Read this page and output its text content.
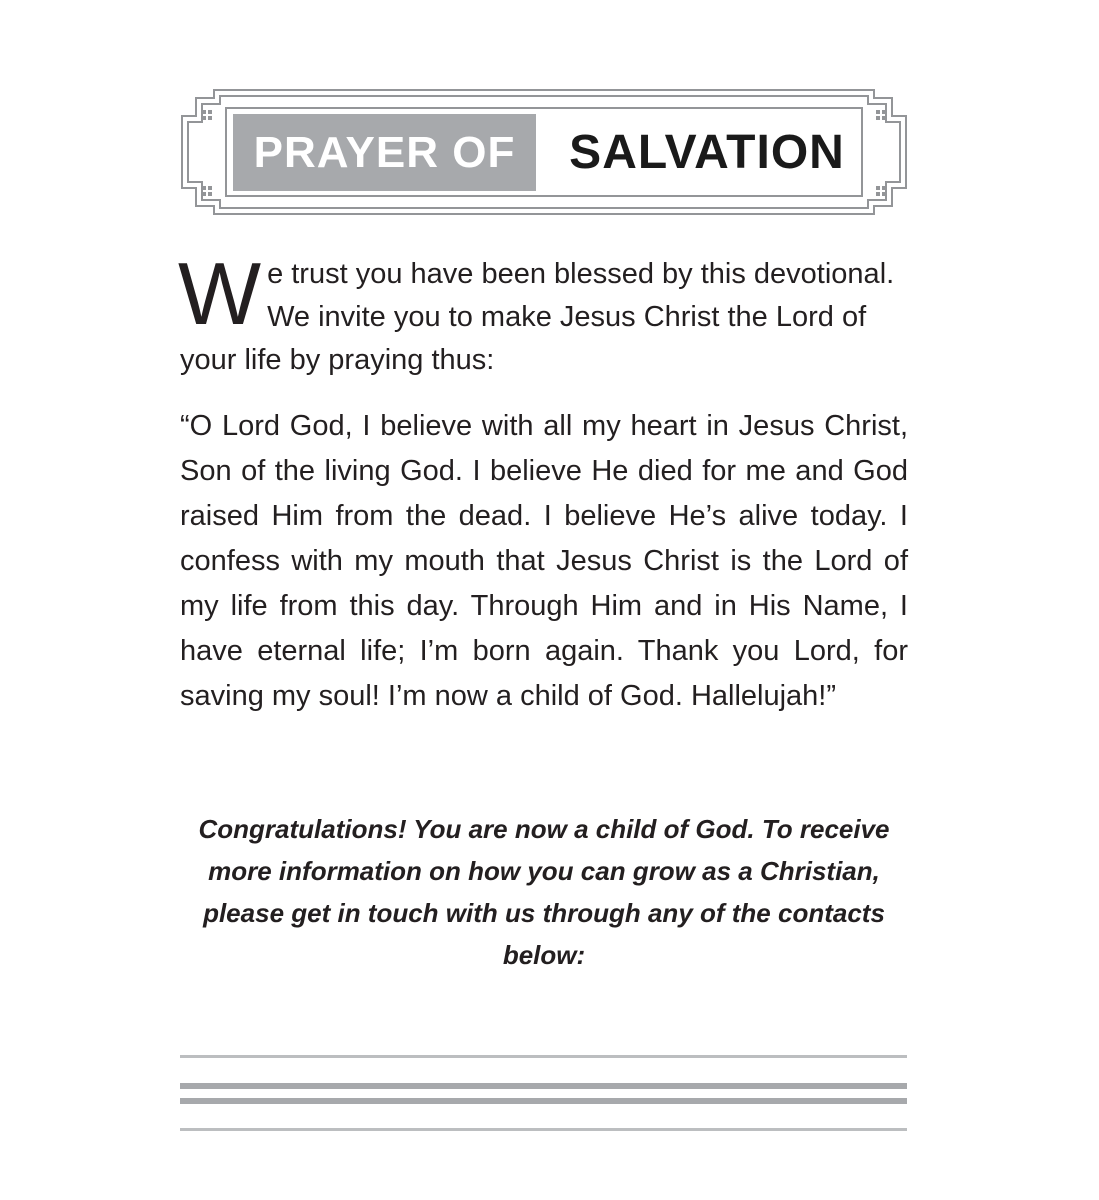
PRAYER OF	SALVATION
W e trust you have been blessed by this devotional. We invite you to make Jesus Christ the Lord of your life by praying thus:
“O Lord God, I believe with all my heart in Jesus Christ, Son of the living God. I believe He died for me and God raised Him from the dead. I believe He’s alive today. I confess with my mouth that Jesus Christ is the Lord of my life from this day. Through Him and in His Name, I have eternal life; I’m born again. Thank you Lord, for saving my soul! I’m now a child of God. Hallelujah!”
Congratulations! You are now a child of God. To receive more information on how you can grow as a Christian, please get in touch with us through any of the contacts below:
